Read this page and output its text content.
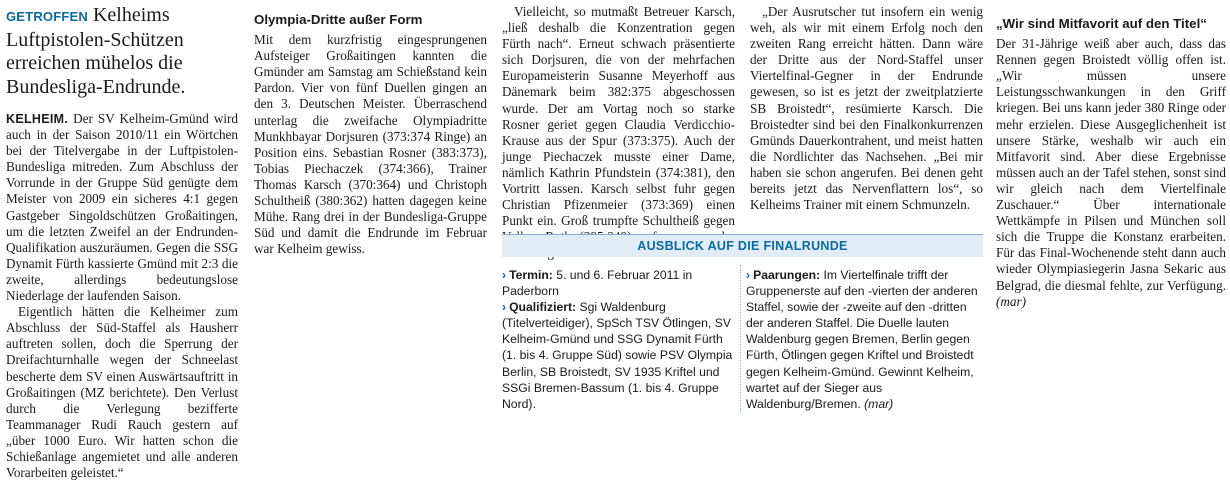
GETROFFEN Kelheims Luftpistolen-Schützen erreichen mühelos die Bundesliga-Endrunde.

KELHEIM. Der SV Kelheim-Gmünd wird auch in der Saison 2010/11 ein Wörtchen bei der Titelvergabe in der Luftpistolen-Bundesliga mitreden. Zum Abschluss der Vorrunde in der Gruppe Süd genügte dem Meister von 2009 ein sicheres 4:1 gegen Gastgeber Singoldschützen Großaitingen, um die letzten Zweifel an der Endrunden-Qualifikation auszuräumen. Gegen die SSG Dynamit Fürth kassierte Gmünd mit 2:3 die zweite, allerdings bedeutungslose Niederlage der laufenden Saison.

Eigentlich hätten die Kelheimer zum Abschluss der Süd-Staffel als Hausherr auftreten sollen, doch die Sperrung der Dreifachturnhalle wegen der Schneelast bescherte dem SV einen Auswärtsauftritt in Großaitingen (MZ berichtete). Den Verlust durch die Verlegung bezifferte Teammanager Rudi Rauch gestern auf „über 1000 Euro. Wir hatten schon die Schießanlage angemietet und alle anderen Vorarbeiten geleistet.“

Olympia-Dritte außer Form

Mit dem kurzfristig eingesprungenen Aufsteiger Großaitingen kannten die Gmünder am Samstag am Schießstand kein Pardon. Vier von fünf Duellen gingen an den 3. Deutschen Meister. Überraschend unterlag die zweifache Olympiadritte Munkhbayar Dorjsuren (373:374 Ringe) an Position eins. Sebastian Rosner (383:373), Tobias Piechaczek (374:366), Trainer Thomas Karsch (370:364) und Christoph Schultheiß (380:362) hatten dagegen keine Mühe. Rang drei in der Bundesliga-Gruppe Süd und damit die Endrunde im Februar war Kelheim gewiss.

Vielleicht, so mutmaßt Betreuer Karsch, „ließ deshalb die Konzentration gegen Fürth nach“. Erneut schwach präsentierte sich Dorjsuren, die von der mehrfachen Europameisterin Susanne Meyerhoff aus Dänemark beim 382:375 abgeschossen wurde. Der am Vortag noch so starke Rosner geriet gegen Claudia Verdicchio-Krause aus der Spur (373:375). Auch der junge Piechaczek musste einer Dame, nämlich Kathrin Pfundstein (374:381), den Vortritt lassen. Karsch selbst fuhr gegen Christian Pfizenmeier (373:369) einen Punkt ein. Groß trumpfte Schultheiß gegen

„Der Ausrutscher tut insofern ein wenig weh, als wir mit einem Erfolg noch den zweiten Rang erreicht hätten. Dann wäre der Dritte aus der Nord-Staffel unser Viertelfinal-Gegner in der Endrunde gewesen, so ist es jetzt der zweitplatzierte SB Broistedt“, resümierte Karsch. Die Broistedter sind bei den Finalkonkurrenzen Gmünds Dauerkontrahent, und meist hatten die Nordlichter das Nachsehen. „Bei mir haben sie schon angerufen. Bei denen geht bereits jetzt das Nervenflattern los“, so Kelheims Trainer mit einem Schmunzeln.

„Wir sind Mitfavorit auf den Titel“

Der 31-Jährige weiß aber auch, dass das Rennen gegen Broistedt völlig offen ist. „Wir müssen unsere Leistungsschwankungen in den Griff kriegen. Bei uns kann jeder 380 Ringe oder mehr erzielen. Diese Ausgeglichenheit ist unsere Stärke, weshalb wir auch ein Mitfavorit sind. Aber diese Ergebnisse müssen auch an der Tafel stehen, sonst sind wir gleich nach dem Viertelfinale Zuschauer.“ Über internationale Wettkämpfe in Pilsen und München soll sich die Truppe die Konstanz erarbeiten. Für das Final-Wochenende steht dann auch wieder Olympiasiegerin Jasna Sekaric aus Belgrad, die diesmal fehlte, zur Verfügung. (mar)

AUSBLICK AUF DIE FINALRUNDE
› Termin: 5. und 6. Februar 2011 in Paderborn
› Qualifiziert: Sgi Waldenburg (Titelverteidiger), SpSch TSV Ötlingen, SV Kelheim-Gmünd und SSG Dynamit Fürth (1. bis 4. Gruppe Süd) sowie PSV Olympia Berlin, SB Broistedt, SV 1935 Kriftel und SSGi Bremen-Bassum (1. bis 4. Gruppe Nord).
› Paarungen: Im Viertelfinale trifft der Gruppenerste auf den -vierten der anderen Staffel, sowie der -zweite auf den -dritten der anderen Staffel. Die Duelle lauten Waldenburg gegen Bremen, Berlin gegen Fürth, Ötlingen gegen Kriftel und Broistedt gegen Kelheim-Gmünd. Gewinnt Kelheim, wartet auf der Sieger aus Waldenburg/Bremen. (mar)
